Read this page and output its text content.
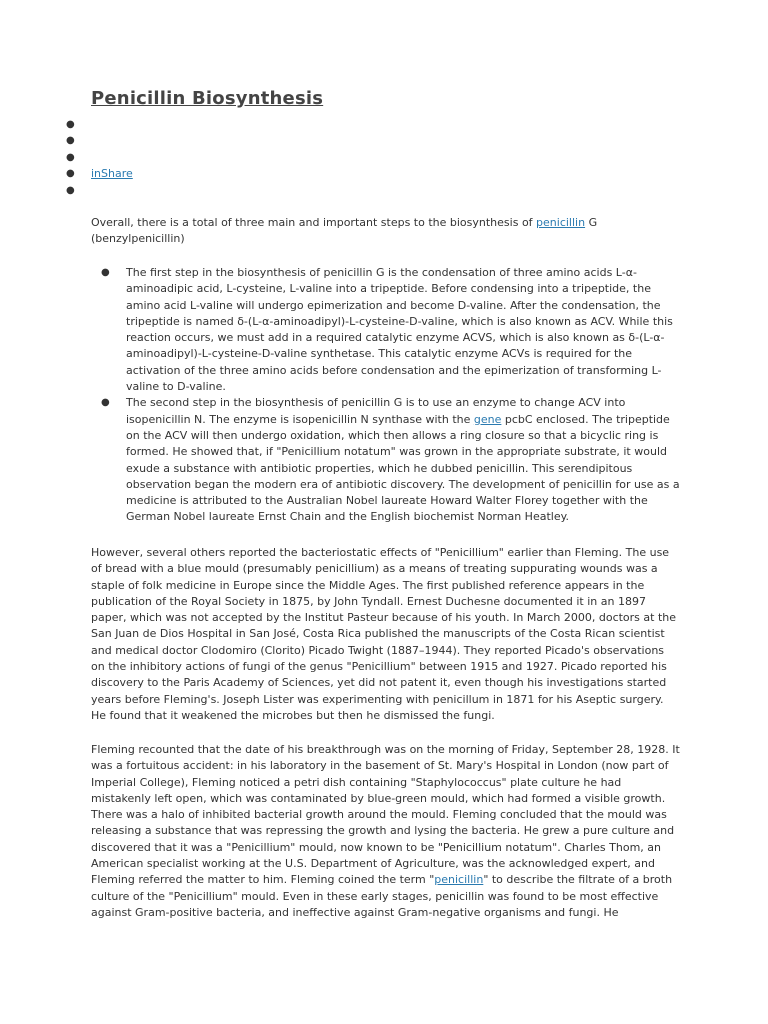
Penicillin Biosynthesis
●
●
●
● inShare
●

Overall, there is a total of three main and important steps to the biosynthesis of penicillin G (benzylpenicillin)

● The first step in the biosynthesis of penicillin G is the condensation of three amino acids L-α-aminoadipic acid, L-cysteine, L-valine into a tripeptide. Before condensing into a tripeptide, the amino acid L-valine will undergo epimerization and become D-valine. After the condensation, the tripeptide is named δ-(L-α-aminoadipyl)-L-cysteine-D-valine, which is also known as ACV. While this reaction occurs, we must add in a required catalytic enzyme ACVS, which is also known as δ-(L-α-aminoadipyl)-L-cysteine-D-valine synthetase. This catalytic enzyme ACVs is required for the activation of the three amino acids before condensation and the epimerization of transforming L-valine to D-valine.
● The second step in the biosynthesis of penicillin G is to use an enzyme to change ACV into isopenicillin N. The enzyme is isopenicillin N synthase with the gene pcbC enclosed. The tripeptide on the ACV will then undergo oxidation, which then allows a ring closure so that a bicyclic ring is formed. He showed that, if "Penicillium notatum" was grown in the appropriate substrate, it would exude a substance with antibiotic properties, which he dubbed penicillin. This serendipitous observation began the modern era of antibiotic discovery. The development of penicillin for use as a medicine is attributed to the Australian Nobel laureate Howard Walter Florey together with the German Nobel laureate Ernst Chain and the English biochemist Norman Heatley.

However, several others reported the bacteriostatic effects of "Penicillium" earlier than Fleming. The use of bread with a blue mould (presumably penicillium) as a means of treating suppurating wounds was a staple of folk medicine in Europe since the Middle Ages. The first published reference appears in the publication of the Royal Society in 1875, by John Tyndall. Ernest Duchesne documented it in an 1897 paper, which was not accepted by the Institut Pasteur because of his youth. In March 2000, doctors at the San Juan de Dios Hospital in San José, Costa Rica published the manuscripts of the Costa Rican scientist and medical doctor Clodomiro (Clorito) Picado Twight (1887–1944). They reported Picado's observations on the inhibitory actions of fungi of the genus "Penicillium" between 1915 and 1927. Picado reported his discovery to the Paris Academy of Sciences, yet did not patent it, even though his investigations started years before Fleming's. Joseph Lister was experimenting with penicillum in 1871 for his Aseptic surgery. He found that it weakened the microbes but then he dismissed the fungi.

Fleming recounted that the date of his breakthrough was on the morning of Friday, September 28, 1928. It was a fortuitous accident: in his laboratory in the basement of St. Mary's Hospital in London (now part of Imperial College), Fleming noticed a petri dish containing "Staphylococcus" plate culture he had mistakenly left open, which was contaminated by blue-green mould, which had formed a visible growth. There was a halo of inhibited bacterial growth around the mould. Fleming concluded that the mould was releasing a substance that was repressing the growth and lysing the bacteria. He grew a pure culture and discovered that it was a "Penicillium" mould, now known to be "Penicillium notatum". Charles Thom, an American specialist working at the U.S. Department of Agriculture, was the acknowledged expert, and Fleming referred the matter to him. Fleming coined the term "penicillin" to describe the filtrate of a broth culture of the "Penicillium" mould. Even in these early stages, penicillin was found to be most effective against Gram-positive bacteria, and ineffective against Gram-negative organisms and fungi. He
